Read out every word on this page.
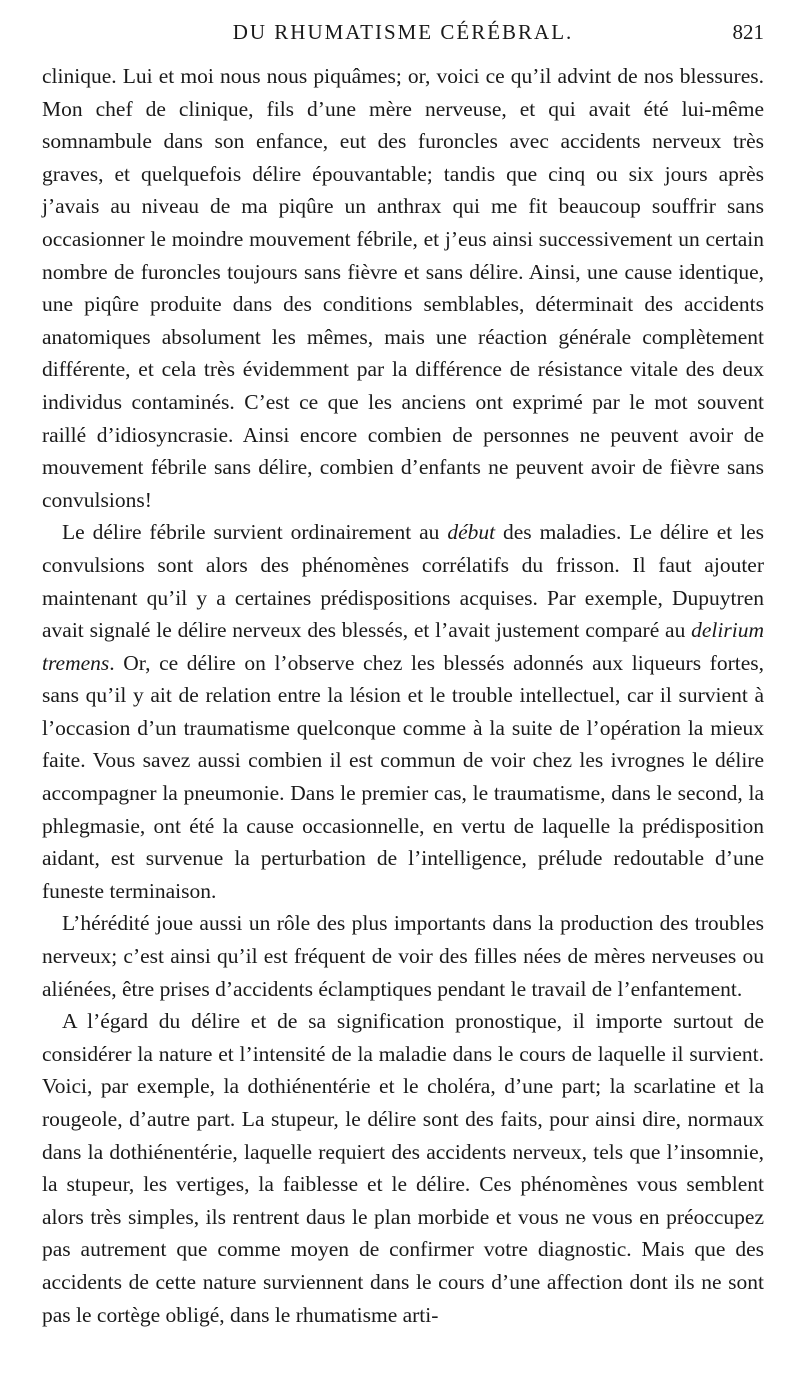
DU RHUMATISME CÉRÉBRAL.	821

clinique. Lui et moi nous nous piquâmes; or, voici ce qu’il advint de nos blessures. Mon chef de clinique, fils d’une mère nerveuse, et qui avait été lui-même somnambule dans son enfance, eut des furoncles avec accidents nerveux très graves, et quelquefois délire épouvantable; tandis que cinq ou six jours après j’avais au niveau de ma piqûre un anthrax qui me fit beaucoup souffrir sans occasionner le moindre mouvement fébrile, et j’eus ainsi successivement un certain nombre de furoncles toujours sans fièvre et sans délire. Ainsi, une cause identique, une piqûre produite dans des conditions semblables, déterminait des accidents anatomiques absolument les mêmes, mais une réaction générale complètement différente, et cela très évidemment par la différence de résistance vitale des deux individus contaminés. C’est ce que les anciens ont exprimé par le mot souvent raillé d’idiosyncrasie. Ainsi encore combien de personnes ne peuvent avoir de mouvement fébrile sans délire, combien d’enfants ne peuvent avoir de fièvre sans convulsions!

Le délire fébrile survient ordinairement au début des maladies. Le délire et les convulsions sont alors des phénomènes corrélatifs du frisson. Il faut ajouter maintenant qu’il y a certaines prédispositions acquises. Par exemple, Dupuytren avait signalé le délire nerveux des blessés, et l’avait justement comparé au delirium tremens. Or, ce délire on l’observe chez les blessés adonnés aux liqueurs fortes, sans qu’il y ait de relation entre la lésion et le trouble intellectuel, car il survient à l’occasion d’un traumatisme quelconque comme à la suite de l’opération la mieux faite. Vous savez aussi combien il est commun de voir chez les ivrognes le délire accompagner la pneumonie. Dans le premier cas, le traumatisme, dans le second, la phlegmasie, ont été la cause occasionnelle, en vertu de laquelle la prédisposition aidant, est survenue la perturbation de l’intelligence, prélude redoutable d’une funeste terminaison.

L’hérédité joue aussi un rôle des plus importants dans la production des troubles nerveux; c’est ainsi qu’il est fréquent de voir des filles nées de mères nerveuses ou aliénées, être prises d’accidents éclamptiques pendant le travail de l’enfantement.

A l’égard du délire et de sa signification pronostique, il importe surtout de considérer la nature et l’intensité de la maladie dans le cours de laquelle il survient. Voici, par exemple, la dothiénentérie et le choléra, d’une part; la scarlatine et la rougeole, d’autre part. La stupeur, le délire sont des faits, pour ainsi dire, normaux dans la dothiénentérie, laquelle requiert des accidents nerveux, tels que l’insomnie, la stupeur, les vertiges, la faiblesse et le délire. Ces phénomènes vous semblent alors très simples, ils rentrent daus le plan morbide et vous ne vous en préoccupez pas autrement que comme moyen de confirmer votre diagnostic. Mais que des accidents de cette nature surviennent dans le cours d’une affection dont ils ne sont pas le cortège obligé, dans le rhumatisme arti-
